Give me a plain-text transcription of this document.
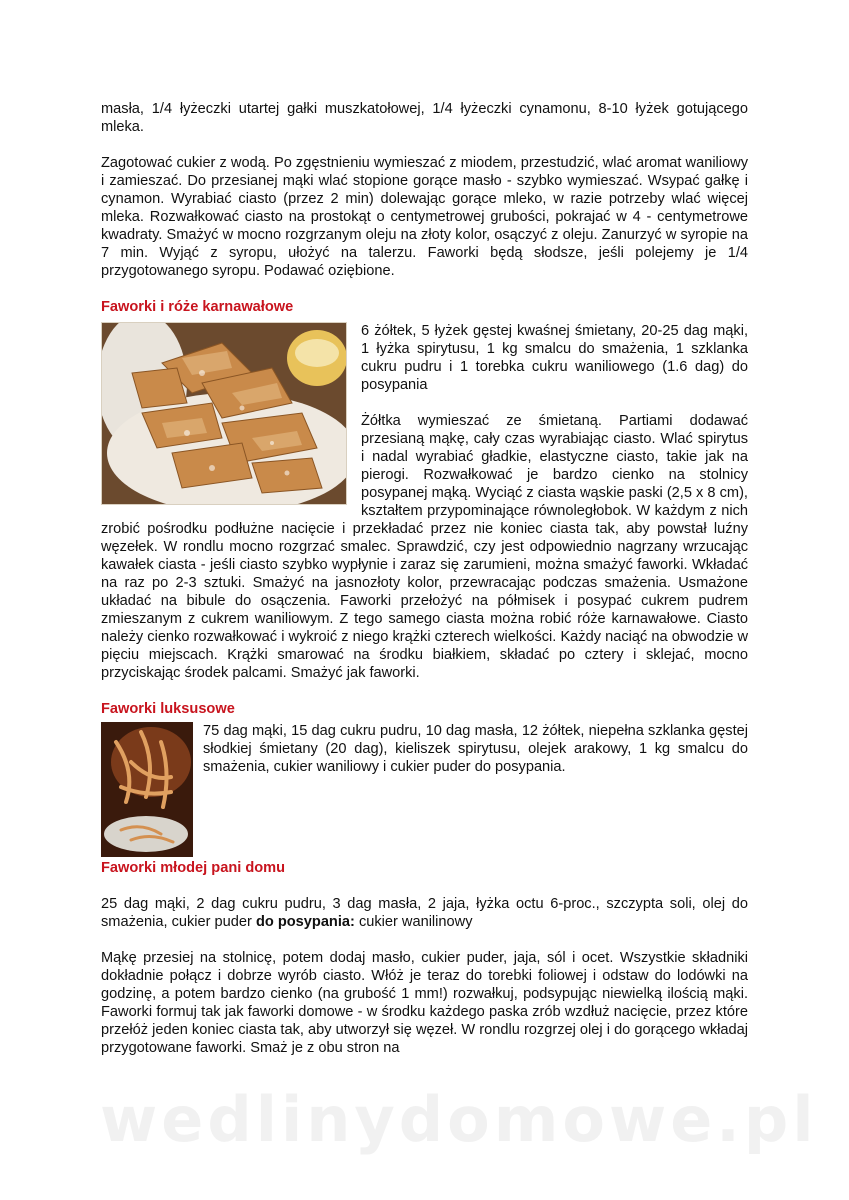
masła, 1/4 łyżeczki utartej gałki muszkatołowej, 1/4 łyżeczki cynamonu, 8-10 łyżek gotującego mleka.

Zagotować cukier z wodą. Po zgęstnieniu wymieszać z miodem, przestudzić, wlać aromat waniliowy i zamieszać. Do przesianej mąki wlać stopione gorące masło - szybko wymieszać. Wsypać gałkę i cynamon. Wyrabiać ciasto (przez 2 min) dolewając gorące mleko, w razie potrzeby wlać więcej mleka. Rozwałkować ciasto na prostokąt o centymetrowej grubości, pokrajać w 4 - centymetrowe kwadraty. Smażyć w mocno rozgrzanym oleju na złoty kolor, osączyć z oleju. Zanurzyć w syropie na 7 min. Wyjąć z syropu, ułożyć na talerzu. Faworki będą słodsze, jeśli polejemy je 1/4 przygotowanego syropu. Podawać oziębione.

Faworki i róże karnawałowe

6 żółtek, 5 łyżek gęstej kwaśnej śmietany, 20-25 dag mąki, 1 łyżka spirytusu, 1 kg smalcu do smażenia, 1 szklanka cukru pudru i 1 torebka cukru waniliowego (1.6 dag) do posypania

Żółtka wymieszać ze śmietaną. Partiami dodawać przesianą mąkę, cały czas wyrabiając ciasto. Wlać spirytus i nadal wyrabiać gładkie, elastyczne ciasto, takie jak na pierogi. Rozwałkować je bardzo cienko na stolnicy posypanej mąką. Wyciąć z ciasta wąskie paski (2,5 x 8 cm), kształtem przypominające równoległobok. W każdym z nich zrobić pośrodku podłużne nacięcie i przekładać przez nie koniec ciasta tak, aby powstał luźny węzełek. W rondlu mocno rozgrzać smalec. Sprawdzić, czy jest odpowiednio nagrzany wrzucając kawałek ciasta - jeśli ciasto szybko wypłynie i zaraz się zarumieni, można smażyć faworki. Wkładać na raz po 2-3 sztuki. Smażyć na jasnozłoty kolor, przewracając podczas smażenia. Usmażone układać na bibule do osączenia. Faworki przełożyć na półmisek i posypać cukrem pudrem zmieszanym z cukrem waniliowym. Z tego samego ciasta można robić róże karnawałowe. Ciasto należy cienko rozwałkować i wykroić z niego krążki czterech wielkości. Każdy naciąć na obwodzie w pięciu miejscach. Krążki smarować na środku białkiem, składać po cztery i sklejać, mocno przyciskając środek palcami. Smażyć jak faworki.

Faworki luksusowe

75 dag mąki, 15 dag cukru pudru, 10 dag masła, 12 żółtek, niepełna szklanka gęstej słodkiej śmietany (20 dag), kieliszek spirytusu, olejek arakowy, 1 kg smalcu do smażenia, cukier waniliowy i cukier puder do posypania.

Faworki młodej pani domu

25 dag mąki, 2 dag cukru pudru, 3 dag masła, 2 jaja, łyżka octu 6-proc., szczypta soli, olej do smażenia, cukier puder do posypania: cukier wanilinowy

Mąkę przesiej na stolnicę, potem dodaj masło, cukier puder, jaja, sól i ocet. Wszystkie składniki dokładnie połącz i dobrze wyrób ciasto. Włóż je teraz do torebki foliowej i odstaw do lodówki na godzinę, a potem bardzo cienko (na grubość 1 mm!) rozwałkuj, podsypując niewielką ilością mąki. Faworki formuj tak jak faworki domowe - w środku każdego paska zrób wzdłuż nacięcie, przez które przełóż jeden koniec ciasta tak, aby utworzył się węzeł. W rondlu rozgrzej olej i do gorącego wkładaj przygotowane faworki. Smaż je z obu stron na

wedlinydomowe.pl
